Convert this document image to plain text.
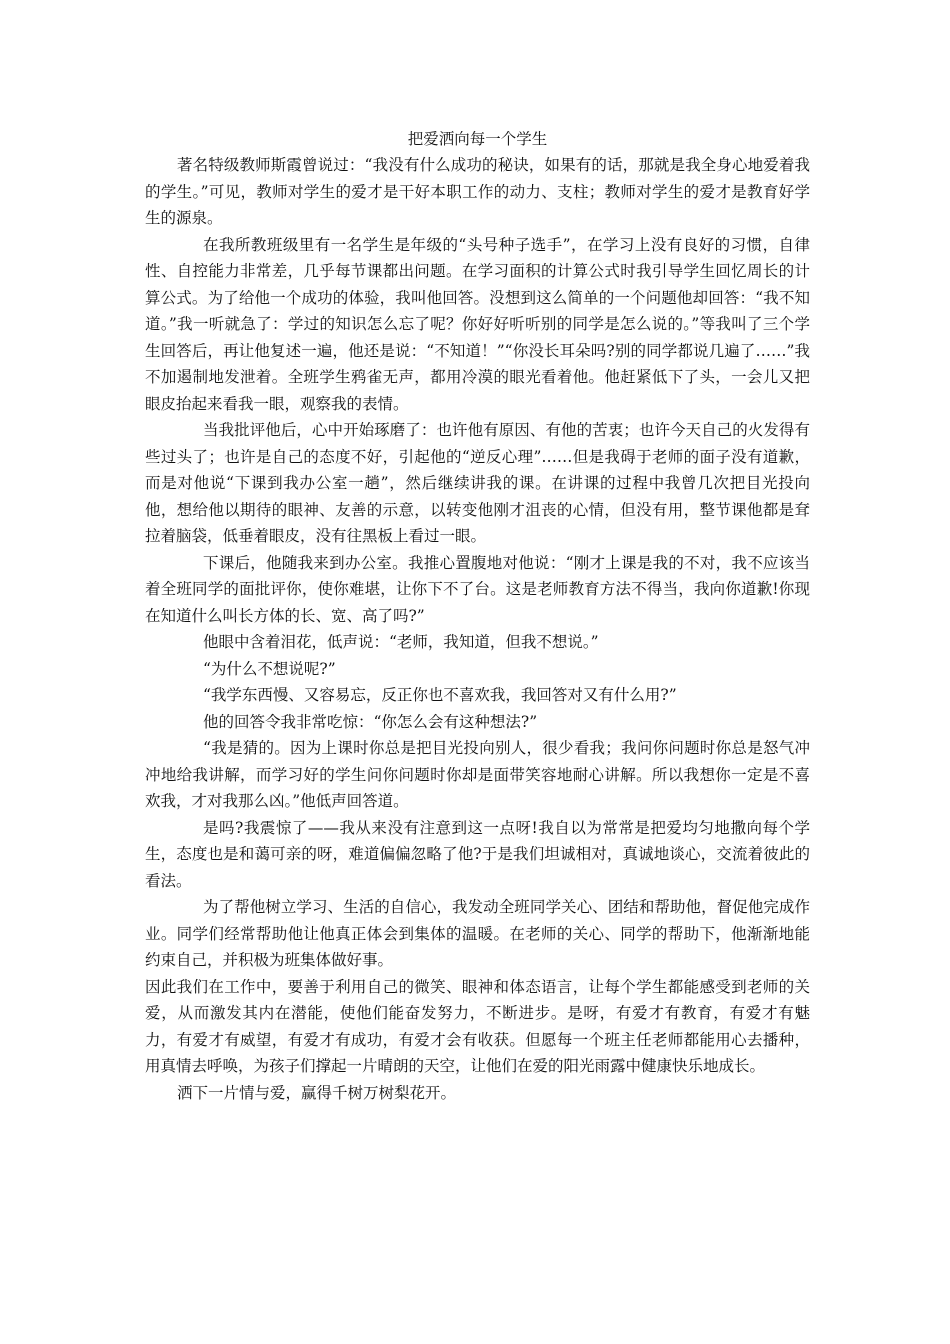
把爱洒向每一个学生

著名特级教师斯霞曾说过：“我没有什么成功的秘诀，如果有的话，那就是我全身心地爱着我的学生。”可见，教师对学生的爱才是干好本职工作的动力、支柱；教师对学生的爱才是教育好学生的源泉。

在我所教班级里有一名学生是年级的“头号种子选手”，在学习上没有良好的习惯，自律性、自控能力非常差，几乎每节课都出问题。在学习面积的计算公式时我引导学生回忆周长的计算公式。为了给他一个成功的体验，我叫他回答。没想到这么简单的一个问题他却回答：“我不知道。”我一听就急了：学过的知识怎么忘了呢？你好好听听别的同学是怎么说的。”等我叫了三个学生回答后，再让他复述一遍，他还是说：“不知道！”“你没长耳朵吗?别的同学都说几遍了……”我不加遏制地发泄着。全班学生鸦雀无声，都用冷漠的眼光看着他。他赶紧低下了头，一会儿又把眼皮抬起来看我一眼，观察我的表情。

当我批评他后，心中开始琢磨了：也许他有原因、有他的苦衷；也许今天自己的火发得有些过头了；也许是自己的态度不好，引起他的“逆反心理”……但是我碍于老师的面子没有道歉，而是对他说“下课到我办公室一趟”，然后继续讲我的课。在讲课的过程中我曾几次把目光投向他，想给他以期待的眼神、友善的示意，以转变他刚才沮丧的心情，但没有用，整节课他都是耷拉着脑袋，低垂着眼皮，没有往黑板上看过一眼。

下课后，他随我来到办公室。我推心置腹地对他说：“刚才上课是我的不对，我不应该当着全班同学的面批评你，使你难堪，让你下不了台。这是老师教育方法不得当，我向你道歉!你现在知道什么叫长方体的长、宽、高了吗?”

他眼中含着泪花，低声说：“老师，我知道，但我不想说。”

“为什么不想说呢?”

“我学东西慢、又容易忘，反正你也不喜欢我，我回答对又有什么用?”

他的回答令我非常吃惊：“你怎么会有这种想法?”

“我是猜的。因为上课时你总是把目光投向别人，很少看我；我问你问题时你总是怒气冲冲地给我讲解，而学习好的学生问你问题时你却是面带笑容地耐心讲解。所以我想你一定是不喜欢我，才对我那么凶。”他低声回答道。

是吗?我震惊了——我从来没有注意到这一点呀!我自以为常常是把爱均匀地撒向每个学生，态度也是和蔼可亲的呀，难道偏偏忽略了他?于是我们坦诚相对，真诚地谈心，交流着彼此的看法。

为了帮他树立学习、生活的自信心，我发动全班同学关心、团结和帮助他，督促他完成作业。同学们经常帮助他让他真正体会到集体的温暖。在老师的关心、同学的帮助下，他渐渐地能约束自己，并积极为班集体做好事。

因此我们在工作中，要善于利用自己的微笑、眼神和体态语言，让每个学生都能感受到老师的关爱，从而激发其内在潜能，使他们能奋发努力，不断进步。是呀，有爱才有教育，有爱才有魅力，有爱才有威望，有爱才有成功，有爱才会有收获。但愿每一个班主任老师都能用心去播种，用真情去呼唤，为孩子们撑起一片晴朗的天空，让他们在爱的阳光雨露中健康快乐地成长。

洒下一片情与爱，赢得千树万树梨花开。
